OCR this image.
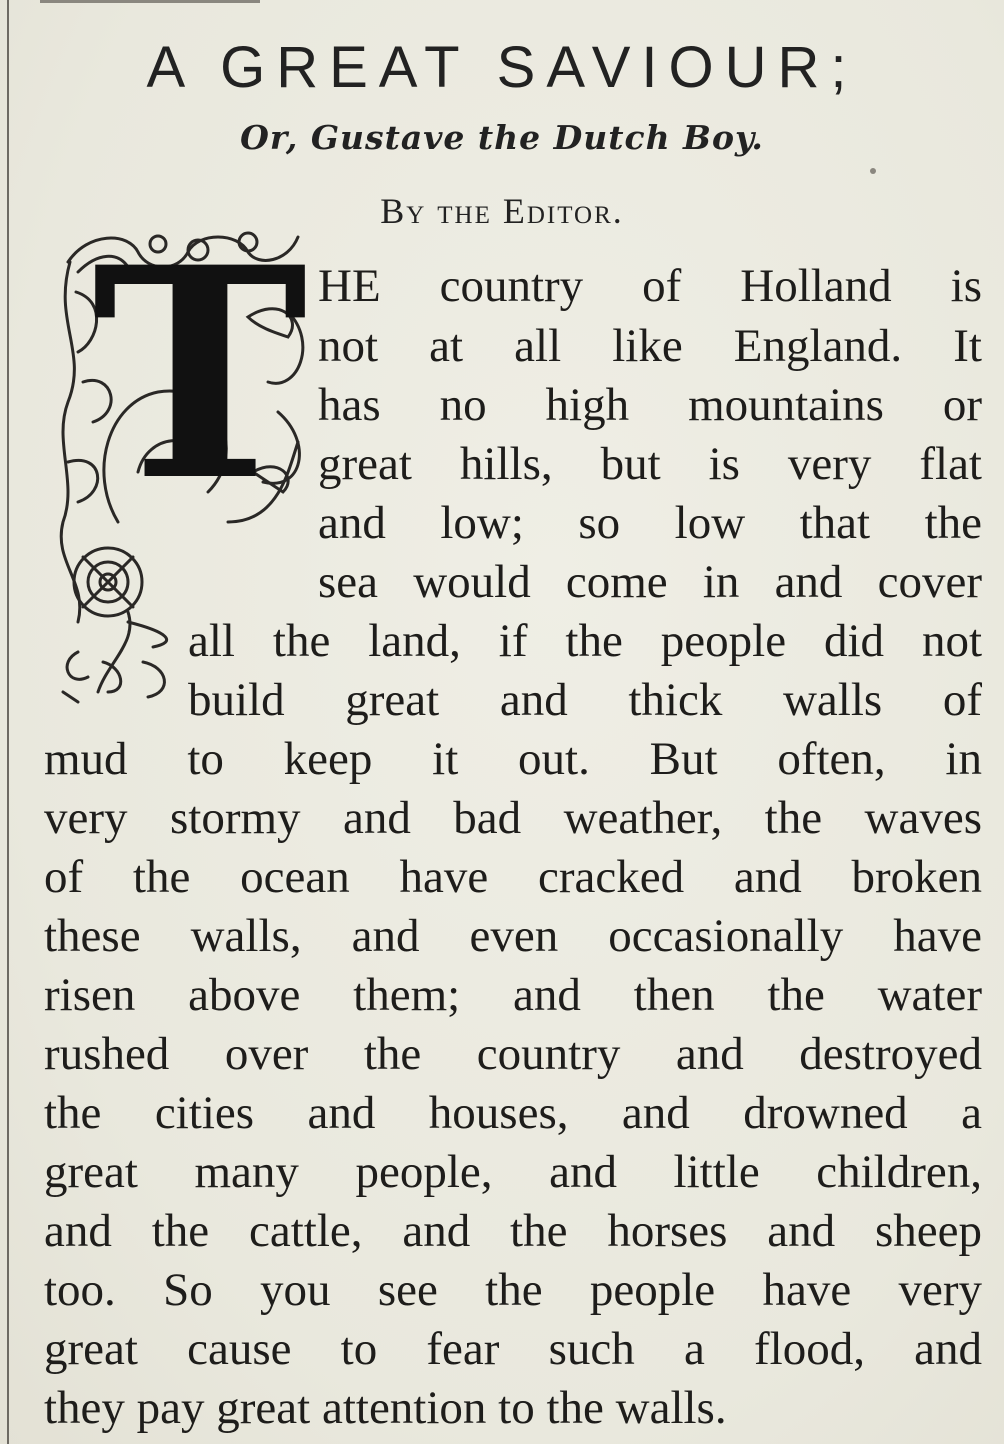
A GREAT SAVIOUR;
Or, Gustave the Dutch Boy.
By the Editor.
T HE country of Holland is
not at all like England. It
has no high mountains or
great hills, but is very flat
and low; so low that the
sea would come in and cover
all the land, if the people did not
build great and thick walls of
mud to keep it out. But often, in
very stormy and bad weather, the waves
of the ocean have cracked and broken
these walls, and even occasionally have
risen above them; and then the water
rushed over the country and destroyed
the cities and houses, and drowned a
great many people, and little children,
and the cattle, and the horses and sheep
too. So you see the people have very
great cause to fear such a flood, and
they pay great attention to the walls.
